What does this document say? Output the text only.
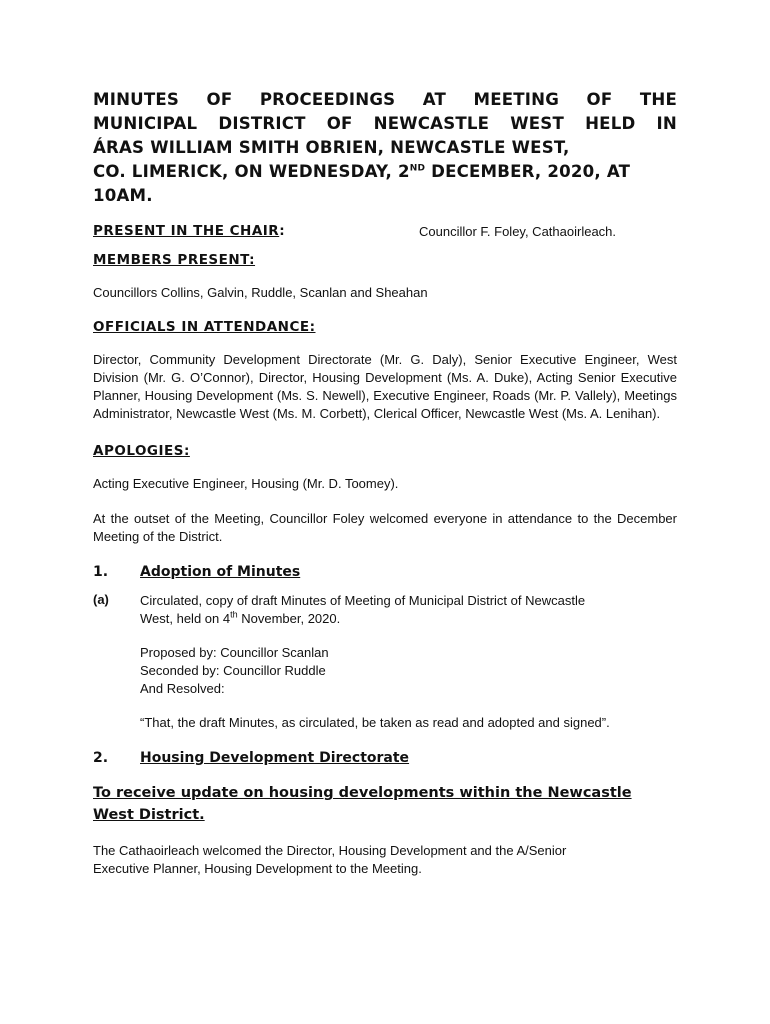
MINUTES OF PROCEEDINGS AT MEETING OF THE
MUNICIPAL DISTRICT OF NEWCASTLE WEST HELD IN
ÁRAS WILLIAM SMITH OBRIEN, NEWCASTLE WEST,
CO. LIMERICK, ON WEDNESDAY, 2ND DECEMBER, 2020, AT
10AM.
PRESENT IN THE CHAIR:	Councillor F. Foley, Cathaoirleach.
MEMBERS PRESENT:

Councillors Collins, Galvin, Ruddle, Scanlan and Sheahan

OFFICIALS IN ATTENDANCE:

Director, Community Development Directorate (Mr. G. Daly), Senior Executive Engineer, West Division (Mr. G. O’Connor), Director, Housing Development (Ms. A. Duke), Acting Senior Executive Planner, Housing Development (Ms. S. Newell), Executive Engineer, Roads (Mr. P. Vallely), Meetings Administrator, Newcastle West (Ms. M. Corbett), Clerical Officer, Newcastle West (Ms. A. Lenihan).

APOLOGIES:

Acting Executive Engineer, Housing (Mr. D. Toomey).

At the outset of the Meeting, Councillor Foley welcomed everyone in attendance to the December Meeting of the District.

1. Adoption of Minutes
(a) Circulated, copy of draft Minutes of Meeting of Municipal District of Newcastle

West, held on 4th November, 2020.

Proposed by: Councillor Scanlan

Seconded by: Councillor Ruddle

And Resolved:

“That, the draft Minutes, as circulated, be taken as read and adopted and signed”.

2. Housing Development Directorate

To receive update on housing developments within the Newcastle West District.

The Cathaoirleach welcomed the Director, Housing Development and the A/Senior

Executive Planner, Housing Development to the Meeting.
